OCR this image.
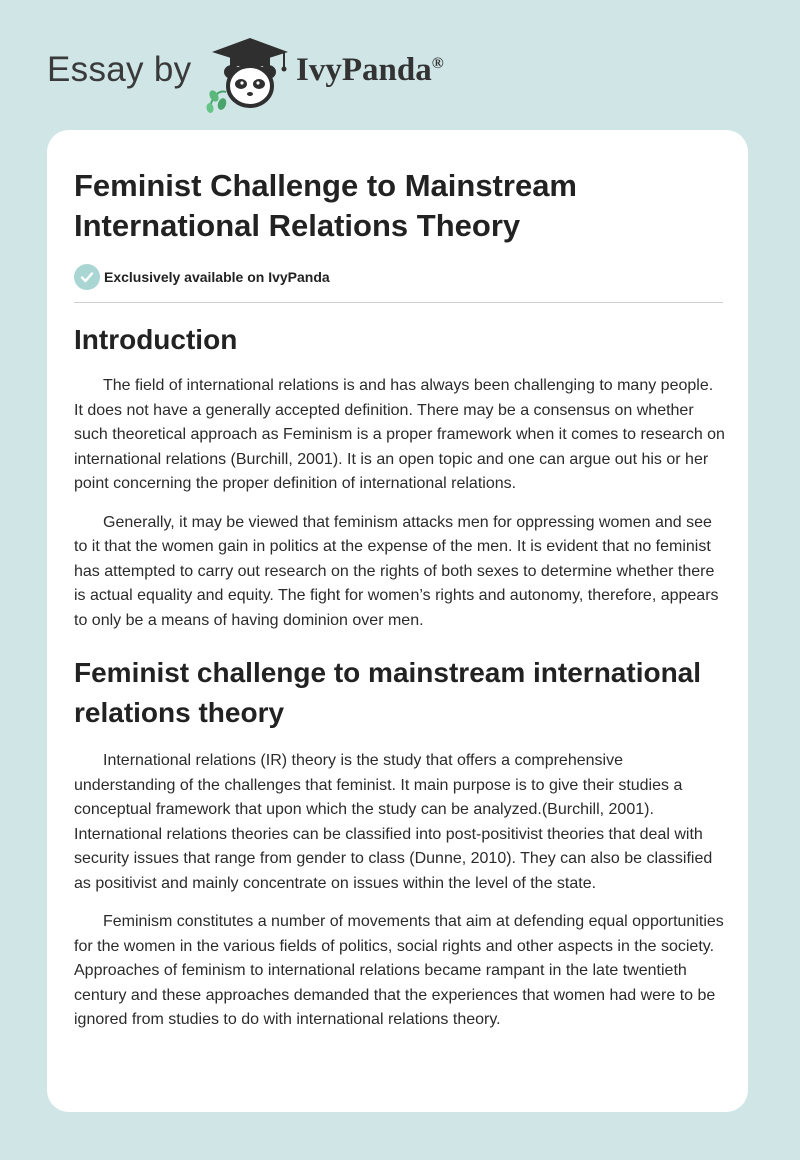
Essay by	IvyPanda®
Feminist Challenge to Mainstream International Relations Theory
Exclusively available on IvyPanda
Introduction

The field of international relations is and has always been challenging to many people. It does not have a generally accepted definition. There may be a consensus on whether such theoretical approach as Feminism is a proper framework when it comes to research on international relations (Burchill, 2001). It is an open topic and one can argue out his or her point concerning the proper definition of international relations.

Generally, it may be viewed that feminism attacks men for oppressing women and see to it that the women gain in politics at the expense of the men. It is evident that no feminist has attempted to carry out research on the rights of both sexes to determine whether there is actual equality and equity. The fight for women’s rights and autonomy, therefore, appears to only be a means of having dominion over men.

Feminist challenge to mainstream international relations theory

International relations (IR) theory is the study that offers a comprehensive understanding of the challenges that feminist. It main purpose is to give their studies a conceptual framework that upon which the study can be analyzed.(Burchill, 2001). International relations theories can be classified into post-positivist theories that deal with security issues that range from gender to class (Dunne, 2010). They can also be classified as positivist and mainly concentrate on issues within the level of the state.

Feminism constitutes a number of movements that aim at defending equal opportunities for the women in the various fields of politics, social rights and other aspects in the society. Approaches of feminism to international relations became rampant in the late twentieth century and these approaches demanded that the experiences that women had were to be ignored from studies to do with international relations theory.
